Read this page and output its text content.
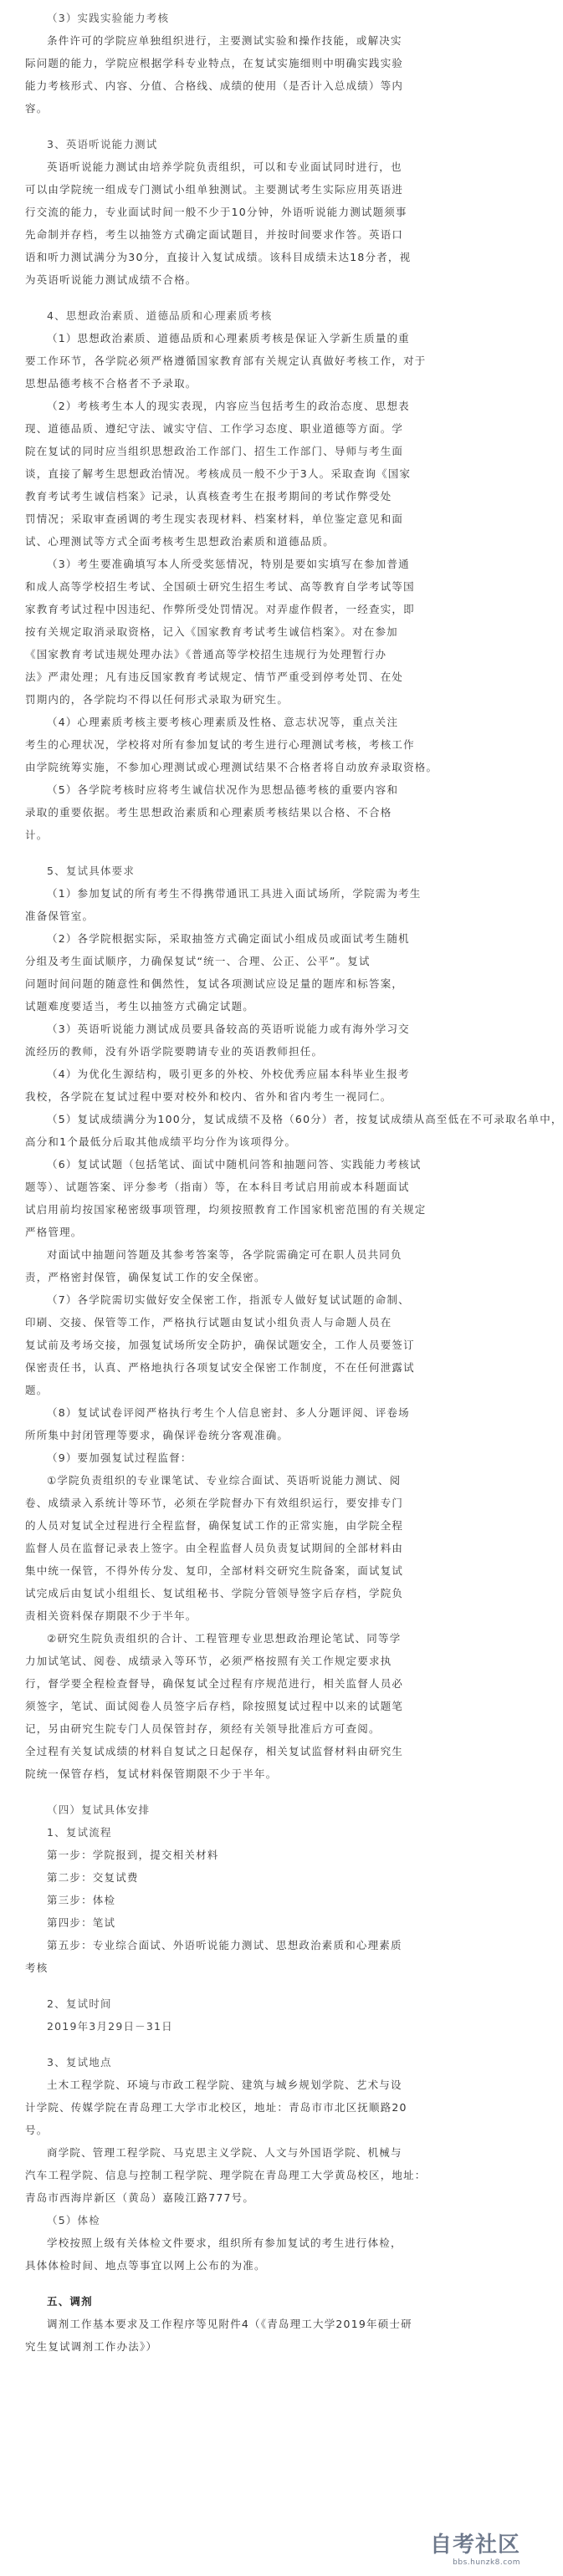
（3）实践实验能力考核
条件许可的学院应单独组织进行，主要测试实验和操作技能，或解决实
际问题的能力，学院应根据学科专业特点，在复试实施细则中明确实践实验
能力考核形式、内容、分值、合格线、成绩的使用（是否计入总成绩）等内
容。
3、英语听说能力测试
英语听说能力测试由培养学院负责组织，可以和专业面试同时进行，也
可以由学院统一组成专门测试小组单独测试。主要测试考生实际应用英语进
行交流的能力，专业面试时间一般不少于10分钟，外语听说能力测试题须事
先命制并存档，考生以抽签方式确定面试题目，并按时间要求作答。英语口
语和听力测试满分为30分，直接计入复试成绩。该科目成绩未达18分者，视
为英语听说能力测试成绩不合格。
4、思想政治素质、道德品质和心理素质考核
（1）思想政治素质、道德品质和心理素质考核是保证入学新生质量的重
要工作环节，各学院必须严格遵循国家教育部有关规定认真做好考核工作，对于
思想品德考核不合格者不予录取。
（2）考核考生本人的现实表现，内容应当包括考生的政治态度、思想表
现、道德品质、遵纪守法、诚实守信、工作学习态度、职业道德等方面。学
院在复试的同时应当组织思想政治工作部门、招生工作部门、导师与考生面
谈，直接了解考生思想政治情况。考核成员一般不少于3人。采取查询《国家
教育考试考生诚信档案》记录，认真核查考生在报考期间的考试作弊受处
罚情况；采取审查函调的考生现实表现材料、档案材料，单位鉴定意见和面
试、心理测试等方式全面考核考生思想政治素质和道德品质。
（3）考生要准确填写本人所受奖惩情况，特别是要如实填写在参加普通
和成人高等学校招生考试、全国硕士研究生招生考试、高等教育自学考试等国
家教育考试过程中因违纪、作弊所受处罚情况。对弄虚作假者，一经查实，即
按有关规定取消录取资格，记入《国家教育考试考生诚信档案》。对在参加
《国家教育考试违规处理办法》《普通高等学校招生违规行为处理暂行办
法》严肃处理；凡有违反国家教育考试规定、情节严重受到停考处罚、在处
罚期内的，各学院均不得以任何形式录取为研究生。
（4）心理素质考核主要考核心理素质及性格、意志状况等，重点关注
考生的心理状况，学校将对所有参加复试的考生进行心理测试考核，考核工作
由学院统筹实施，不参加心理测试或心理测试结果不合格者将自动放弃录取资格。
（5）各学院考核时应将考生诚信状况作为思想品德考核的重要内容和
录取的重要依据。考生思想政治素质和心理素质考核结果以合格、不合格
计。
5、复试具体要求
（1）参加复试的所有考生不得携带通讯工具进入面试场所，学院需为考生
准备保管室。
（2）各学院根据实际，采取抽签方式确定面试小组成员或面试考生随机
分组及考生面试顺序，力确保复试“统一、合理、公正、公平”。复试
问题时间问题的随意性和偶然性，复试各项测试应设足量的题库和标答案，
试题难度要适当，考生以抽签方式确定试题。
（3）英语听说能力测试成员要具备较高的英语听说能力或有海外学习交
流经历的教师，没有外语学院要聘请专业的英语教师担任。
（4）为优化生源结构，吸引更多的外校、外校优秀应届本科毕业生报考
我校，各学院在复试过程中要对校外和校内、省外和省内考生一视同仁。
（5）复试成绩满分为100分，复试成绩不及格（60分）者，按复试成绩从高至低在不可录取名单中，
高分和1个最低分后取其他成绩平均分作为该项得分。
（6）复试试题（包括笔试、面试中随机问答和抽题问答、实践能力考核试
题等）、试题答案、评分参考（指南）等，在本科目考试启用前或本科题面试
试启用前均按国家秘密级事项管理，均须按照教育工作国家机密范围的有关规定
严格管理。
对面试中抽题问答题及其参考答案等，各学院需确定可在职人员共同负
责，严格密封保管，确保复试工作的安全保密。
（7）各学院需切实做好安全保密工作，指派专人做好复试试题的命制、
印刷、交接、保管等工作，严格执行试题由复试小组负责人与命题人员在
复试前及考场交接，加强复试场所安全防护，确保试题安全，工作人员要签订
保密责任书，认真、严格地执行各项复试安全保密工作制度，不在任何泄露试
题。
（8）复试试卷评阅严格执行考生个人信息密封、多人分题评阅、评卷场
所所集中封闭管理等要求，确保评卷统分客观准确。
（9）要加强复试过程监督：
①学院负责组织的专业课笔试、专业综合面试、英语听说能力测试、阅
卷、成绩录入系统计等环节，必须在学院督办下有效组织运行，要安排专门
的人员对复试全过程进行全程监督，确保复试工作的正常实施，由学院全程
监督人员在监督记录表上签字。由全程监督人员负责复试期间的全部材料由
集中统一保管，不得外传分发、复印，全部材料交研究生院备案，面试复试
试完成后由复试小组组长、复试组秘书、学院分管领导签字后存档，学院负
责相关资料保存期限不少于半年。
②研究生院负责组织的合计、工程管理专业思想政治理论笔试、同等学
力加试笔试、阅卷、成绩录入等环节，必须严格按照有关工作规定要求执
行，督学要全程检查督导，确保复试全过程有序规范进行，相关监督人员必
须签字，笔试、面试阅卷人员签字后存档，除按照复试过程中以来的试题笔
记，另由研究生院专门人员保管封存，须经有关领导批准后方可查阅。
全过程有关复试成绩的材料自复试之日起保存，相关复试监督材料由研究生
院统一保管存档，复试材料保管期限不少于半年。
（四）复试具体安排
1、复试流程
第一步：学院报到，提交相关材料
第二步：交复试费
第三步：体检
第四步：笔试
第五步：专业综合面试、外语听说能力测试、思想政治素质和心理素质
考核
2、复试时间
2019年3月29日－31日
3、复试地点
土木工程学院、环境与市政工程学院、建筑与城乡规划学院、艺术与设
计学院、传媒学院在青岛理工大学市北校区，地址：青岛市市北区抚顺路20
号。
商学院、管理工程学院、马克思主义学院、人文与外国语学院、机械与
汽车工程学院、信息与控制工程学院、理学院在青岛理工大学黄岛校区，地址：
青岛市西海岸新区（黄岛）嘉陵江路777号。
（5）体检
学校按照上级有关体检文件要求，组织所有参加复试的考生进行体检，
具体体检时间、地点等事宜以网上公布的为准。
五、调剂
调剂工作基本要求及工作程序等见附件4（《青岛理工大学2019年硕士研
究生复试调剂工作办法》）
自考社区
bbs.hunzk8.com
